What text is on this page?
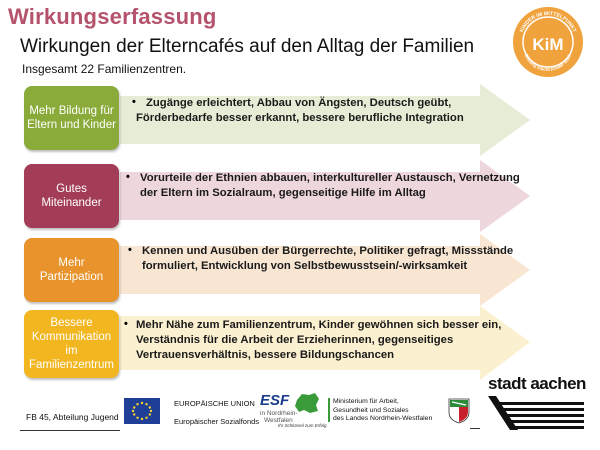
Wirkungserfassung
Wirkungen der Elterncafés auf den Alltag der Familien
Insgesamt 22 Familienzentren.
KINDER IM MITTELPUNKT
Bildung macht Kinder stark
KiM
Mehr Bildung für Eltern und Kinder
• Zugänge erleichtert, Abbau von Ängsten, Deutsch geübt,
Förderbedarfe besser erkannt, bessere berufliche Integration
Gutes Miteinander
• Vorurteile der Ethnien abbauen, interkultureller Austausch, Vernetzung
der Eltern im Sozialraum, gegenseitige Hilfe im Alltag
Mehr Partizipation
• Kennen und Ausüben der Bürgerrechte, Politiker gefragt, Missstände
formuliert, Entwicklung von Selbstbewusstsein/-wirksamkeit
Bessere Kommunikation im Familienzentrum
• Mehr Nähe zum Familienzentrum, Kinder gewöhnen sich besser ein,
Verständnis für die Arbeit der Erzieherinnen, gegenseitiges
Vertrauensverhältnis, bessere Bildungschancen
FB 45, Abteilung Jugend
EUROPÄISCHE UNION
Europäischer Sozialfonds
ESF
in Nordrhein-
Westfalen
Ihr Schlüssel zum Erfolg
Ministerium für Arbeit,
Gesundheit und Soziales
des Landes Nordrhein-Westfalen
stadt aachen
